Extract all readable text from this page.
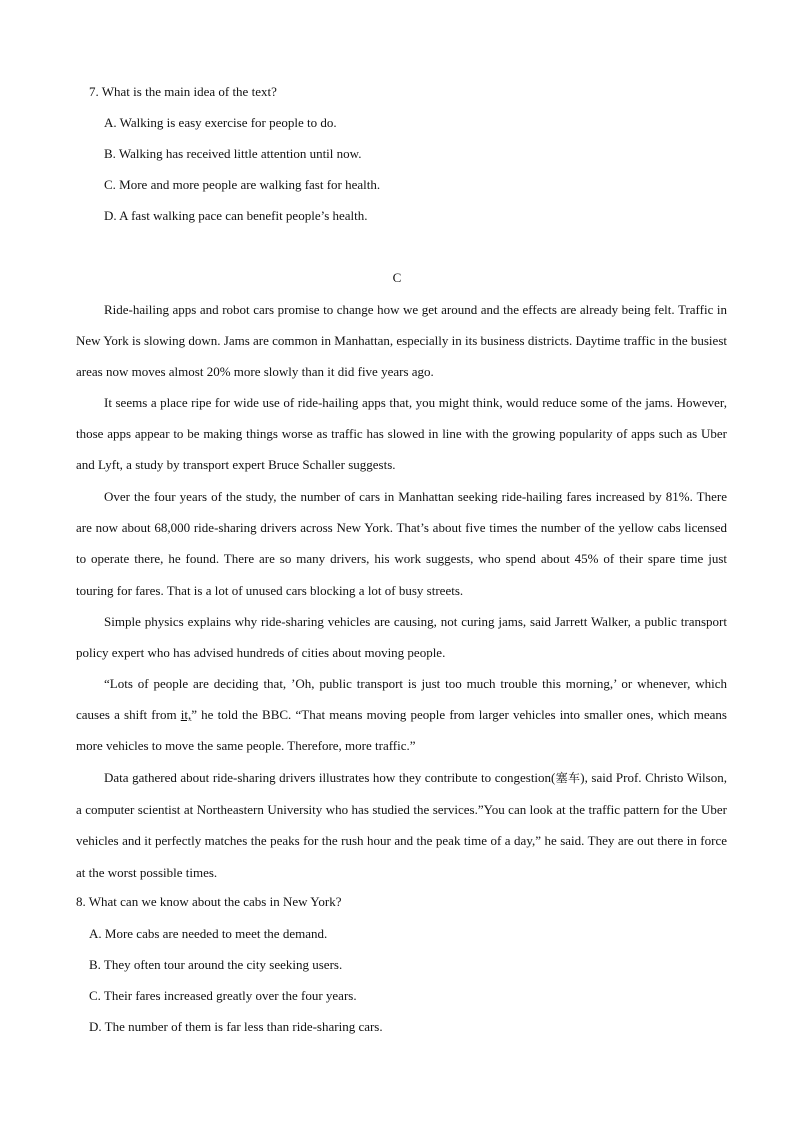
7. What is the main idea of the text?
A. Walking is easy exercise for people to do.
B. Walking has received little attention until now.
C. More and more people are walking fast for health.
D. A fast walking pace can benefit people’s health.
C

Ride-hailing apps and robot cars promise to change how we get around and the effects are already being felt. Traffic in New York is slowing down. Jams are common in Manhattan, especially in its business districts. Daytime traffic in the busiest areas now moves almost 20% more slowly than it did five years ago.

It seems a place ripe for wide use of ride-hailing apps that, you might think, would reduce some of the jams. However, those apps appear to be making things worse as traffic has slowed in line with the growing popularity of apps such as Uber and Lyft, a study by transport expert Bruce Schaller suggests.

Over the four years of the study, the number of cars in Manhattan seeking ride-hailing fares increased by 81%. There are now about 68,000 ride-sharing drivers across New York. That’s about five times the number of the yellow cabs licensed to operate there, he found. There are so many drivers, his work suggests, who spend about 45% of their spare time just touring for fares. That is a lot of unused cars blocking a lot of busy streets.

Simple physics explains why ride-sharing vehicles are causing, not curing jams, said Jarrett Walker, a public transport policy expert who has advised hundreds of cities about moving people.

“Lots of people are deciding that, ’Oh, public transport is just too much trouble this morning,’ or whenever, which causes a shift from it,” he told the BBC. “That means moving people from larger vehicles into smaller ones, which means more vehicles to move the same people. Therefore, more traffic.”

Data gathered about ride-sharing drivers illustrates how they contribute to congestion(塞车), said Prof. Christo Wilson, a computer scientist at Northeastern University who has studied the services.”You can look at the traffic pattern for the Uber vehicles and it perfectly matches the peaks for the rush hour and the peak time of a day,” he said. They are out there in force at the worst possible times.

8. What can we know about the cabs in New York?
A. More cabs are needed to meet the demand.
B. They often tour around the city seeking users.
C. Their fares increased greatly over the four years.
D. The number of them is far less than ride-sharing cars.
